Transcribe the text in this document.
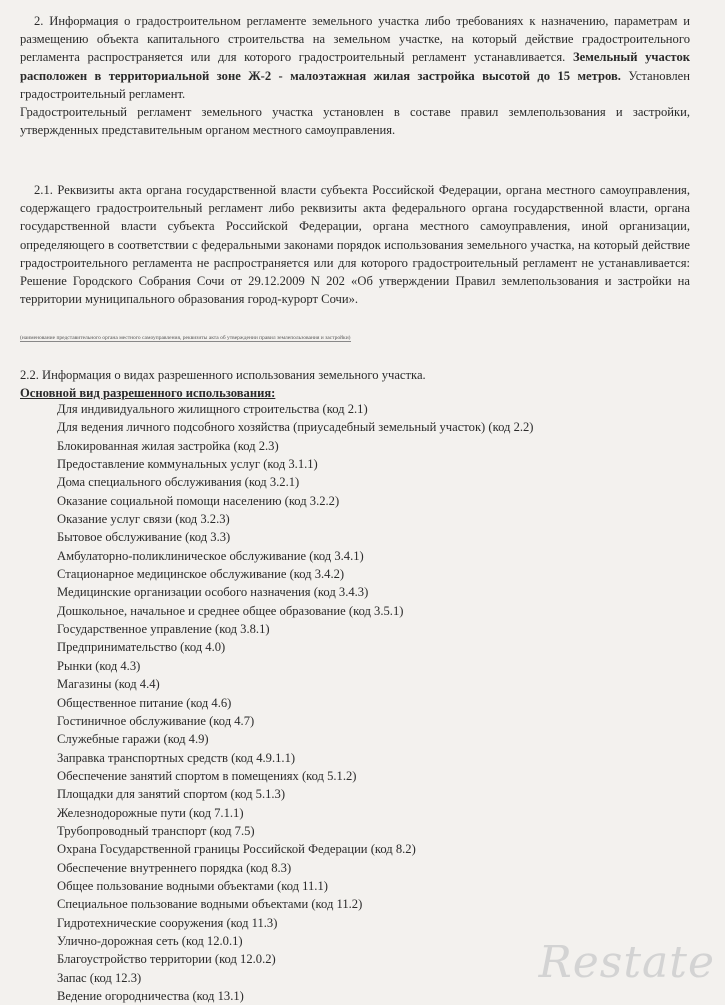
2. Информация о градостроительном регламенте земельного участка либо требованиях к назначению, параметрам и размещению объекта капитального строительства на земельном участке, на который действие градостроительного регламента распространяется или для которого градостроительный регламент устанавливается. Земельный участок расположен в территориальной зоне Ж-2 - малоэтажная жилая застройка высотой до 15 метров. Установлен градостроительный регламент.

Градостроительный регламент земельного участка установлен в составе правил землепользования и застройки, утвержденных представительным органом местного самоуправления.

2.1. Реквизиты акта органа государственной власти субъекта Российской Федерации, органа местного самоуправления, содержащего градостроительный регламент либо реквизиты акта федерального органа государственной власти, органа государственной власти субъекта Российской Федерации, органа местного самоуправления, иной организации, определяющего в соответствии с федеральными законами порядок использования земельного участка, на который действие градостроительного регламента не распространяется или для которого градостроительный регламент не устанавливается: Решение Городского Собрания Сочи от 29.12.2009 N 202 «Об утверждении Правил землепользования и застройки на территории муниципального образования город-курорт Сочи».

(наименование представительного органа местного самоуправления, реквизиты акта об утверждении правил землепользования и застройки)
2.2. Информация о видах разрешенного использования земельного участка.
Основной вид разрешенного использования:
Для индивидуального жилищного строительства (код 2.1)
Для ведения личного подсобного хозяйства (приусадебный земельный участок) (код 2.2)
Блокированная жилая застройка (код 2.3)
Предоставление коммунальных услуг (код 3.1.1)
Дома специального обслуживания (код 3.2.1)
Оказание социальной помощи населению (код 3.2.2)
Оказание услуг связи (код 3.2.3)
Бытовое обслуживание (код 3.3)
Амбулаторно-поликлиническое обслуживание (код 3.4.1)
Стационарное медицинское обслуживание (код 3.4.2)
Медицинские организации особого назначения (код 3.4.3)
Дошкольное, начальное и среднее общее образование (код 3.5.1)
Государственное управление (код 3.8.1)
Предпринимательство (код 4.0)
Рынки (код 4.3)
Магазины (код 4.4)
Общественное питание (код 4.6)
Гостиничное обслуживание (код 4.7)
Служебные гаражи (код 4.9)
Заправка транспортных средств (код 4.9.1.1)
Обеспечение занятий спортом в помещениях (код 5.1.2)
Площадки для занятий спортом (код 5.1.3)
Железнодорожные пути (код 7.1.1)
Трубопроводный транспорт (код 7.5)
Охрана Государственной границы Российской Федерации (код 8.2)
Обеспечение внутреннего порядка (код 8.3)
Общее пользование водными объектами (код 11.1)
Специальное пользование водными объектами (код 11.2)
Гидротехнические сооружения (код 11.3)
Улично-дорожная сеть (код 12.0.1)
Благоустройство территории (код 12.0.2)
Запас (код 12.3)
Ведение огородничества (код 13.1)
Restate
